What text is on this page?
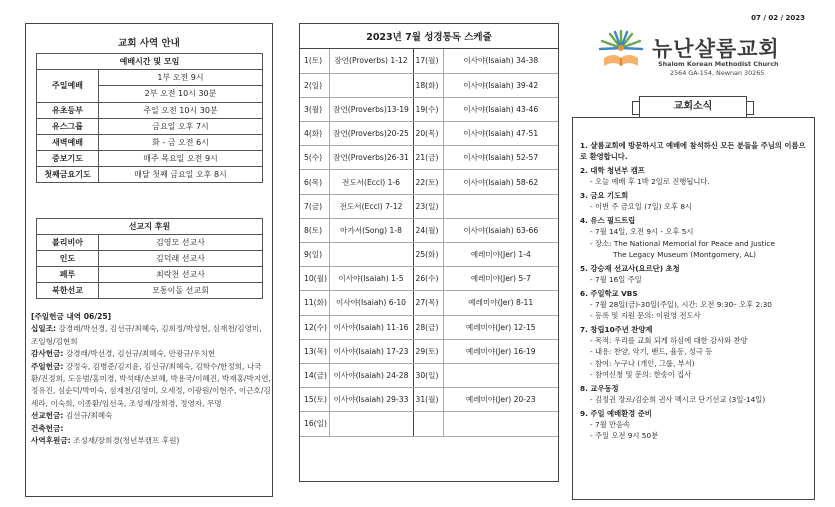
교회 사역 안내
예배시간 및 모임	
주일예배	1부 오전 9시
2부 오전 10시 30분

유초등부	주일 오전 10시 30분
유스그룹	금요일 오후 7시
새벽예배	화 - 금 오전 6시
중보기도	매주 목요일 오전 9시
첫째금요기도	매달 첫째 금요일 오후 8시
선교지 후원	
볼리비아	김영모 선교사
인도	김덕래 선교사
페루	최락천 선교사
북한선교	모통이돌 선교회
[주일헌금 내역 06/25]
십일조: 강경래/박선경, 김선규/최혜숙, 김희정/박성현, 심재천/김영미, 조일형/김현희
감사헌금: 강경래/박선경, 김선규/최혜숙, 안광규/우치현
주일헌금: 강정숙, 김병준/김지윤, 김선규/최혜숙, 김학수/한정희, 나국환/진정희, 도응범/홍미경, 박석태/손보혜, 박용국/이혜진, 박재홍/박지연, 정유진, 심순덕/박미숙, 심재천/김영미, 오세정, 이광원/이현주, 이근호/김세라, 이숙희, 이종환/임선옥, 조성재/장희경, 정영자, 무명
선교헌금: 김선규/최혜숙
건축헌금:
사역후원금: 조성재/장희경(청년부캠프 후원)
2023년 7월 성경통독 스케쥴
1(토)	잠언(Proverbs) 1-12	17(월)	이사야(Isaiah) 34-38
2(일)		18(화)	이사야(Isaiah) 39-42
3(월)	잠언(Proverbs)13-19	19(수)	이사야(Isaiah) 43-46
4(화)	잠언(Proverbs)20-25	20(목)	이사야(Isaiah) 47-51
5(수)	잠언(Proverbs)26-31	21(금)	이사야(Isaiah) 52-57
6(목)	전도서(Eccl) 1-6	22(토)	이사야(Isaiah) 58-62
7(금)	전도서(Eccl) 7-12	23(일)	
8(토)	아가서(Song) 1-8	24(월)	이사야(Isaiah) 63-66
9(일)		25(화)	예레미야(Jer) 1-4
10(월)	이사야(Isaiah) 1-5	26(수)	예레미야(Jer) 5-7
11(화)	이사야(Isaiah) 6-10	27(목)	예레미야(Jer) 8-11
12(수)	이사야(Isaiah) 11-16	28(금)	예레미야(Jer) 12-15
13(목)	이사야(Isaiah) 17-23	29(토)	예레미야(Jer) 16-19
14(금)	이사야(Isaiah) 24-28	30(일)	
15(토)	이사야(Isaiah) 29-33	31(월)	예레미야(Jer) 20-23
16(일)			
07 / 02 / 2023
뉴난샬롬교회
Shalom Korean Methodist Church
2564 GA-154, Newnan 30265
교회소식
1. 샬롬교회에 방문하시고 예배에 참석하신 모든 분들을 주님의 이름으로 환영합니다.
2. 대학 청년부 캠프
- 오늘 예배 후 1박 2일로 진행됩니다.
3. 금요 기도회
- 이번 주 금요일 (7일) 오후 8시
4. 유스 필드트립
- 7월 14일, 오전 9시 - 오후 5시
- 장소: The National Memorial for Peace and Justice
The Legacy Museum (Montgomery, AL)
5. 강승재 선교사(요르단) 초청
- 7월 16일 주일
6. 주일학교 VBS
- 7월 28일(금)-30일(주일), 시간: 오전 9:30– 오후 2:30
- 등록 및 지원 문의: 이원영 전도사
7. 창립10주년 찬양제
- 목적: 우리를 교회 되게 하심에 대한 감사와 찬양
- 내용: 찬양, 악기, 밴드, 율동, 성극 등
- 참여: 누구나 (개인, 그룹, 부서)
- 참여신청 및 문의: 한송이 집사
8. 교우동정
- 김정권 장로/김순희 권사 멕시코 단기선교 (3일-14일)
9. 주일 예배환경 준비
- 7월 만음속
- 주일 오전 9시 50분
